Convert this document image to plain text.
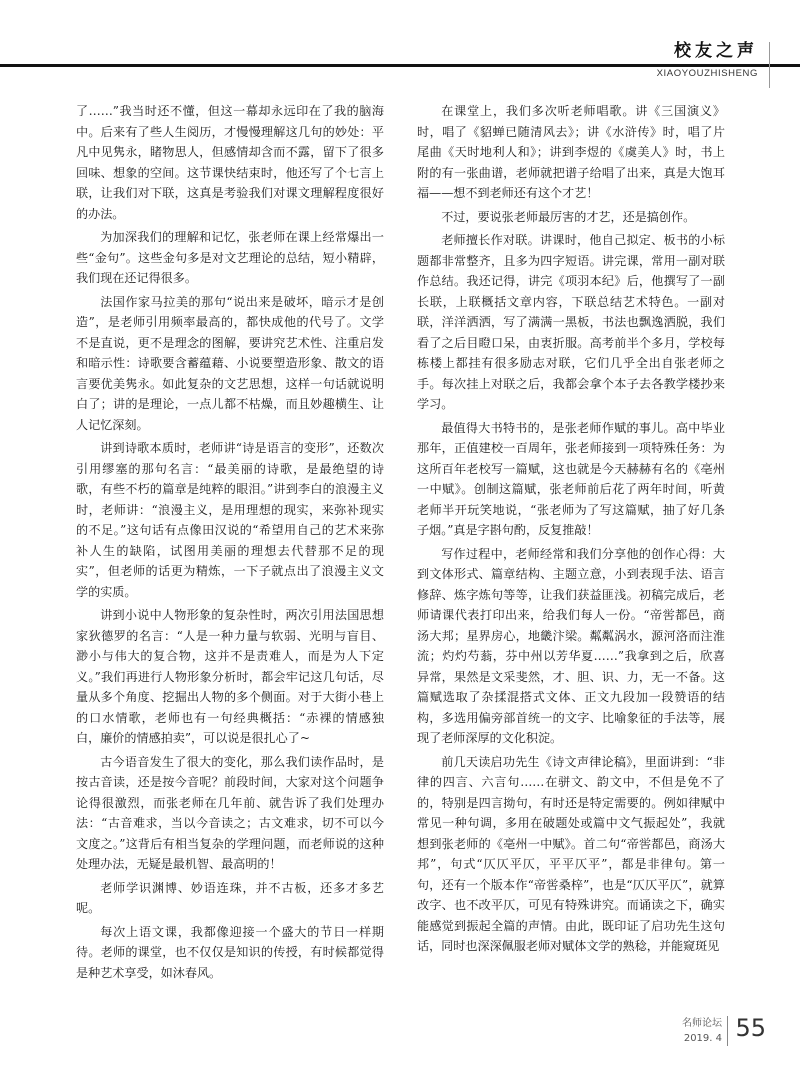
校友之声
XIAOYOUZHISHENG

了……”我当时还不懂，但这一幕却永远印在了我的脑海中。后来有了些人生阅历，才慢慢理解这几句的妙处：平凡中见隽永，睹物思人，但感情却含而不露，留下了很多回味、想象的空间。这节课快结束时，他还写了个七言上联，让我们对下联，这真是考验我们对课文理解程度很好的办法。

为加深我们的理解和记忆，张老师在课上经常爆出一些“金句”。这些金句多是对文艺理论的总结，短小精辟，我们现在还记得很多。

法国作家马拉美的那句“说出来是破坏，暗示才是创造”，是老师引用频率最高的，都快成他的代号了。文学不是直说，更不是理念的图解，要讲究艺术性、注重启发和暗示性：诗歌要含蓄蕴藉、小说要塑造形象、散文的语言要优美隽永。如此复杂的文艺思想，这样一句话就说明白了；讲的是理论，一点儿都不枯燥，而且妙趣横生、让人记忆深刻。

讲到诗歌本质时，老师讲“诗是语言的变形”，还数次引用缪塞的那句名言：“最美丽的诗歌，是最绝望的诗歌，有些不朽的篇章是纯粹的眼泪。”讲到李白的浪漫主义时，老师讲：“浪漫主义，是用理想的现实，来弥补现实的不足。”这句话有点像田汉说的“希望用自己的艺术来弥补人生的缺陷，试图用美丽的理想去代替那不足的现实”，但老师的话更为精炼，一下子就点出了浪漫主义文学的实质。

讲到小说中人物形象的复杂性时，两次引用法国思想家狄德罗的名言：“人是一种力量与软弱、光明与盲目、渺小与伟大的复合物，这并不是责难人，而是为人下定义。”我们再进行人物形象分析时，都会牢记这几句话，尽量从多个角度、挖掘出人物的多个侧面。对于大街小巷上的口水情歌，老师也有一句经典概括：“赤裸的情感独白，廉价的情感拍卖”，可以说是很扎心了~

古今语音发生了很大的变化，那么我们读作品时，是按古音读，还是按今音呢？前段时间，大家对这个问题争论得很激烈，而张老师在几年前、就告诉了我们处理办法：“古音难求，当以今音读之；古文难求，切不可以今文度之。”这背后有相当复杂的学理问题，而老师说的这种处理办法，无疑是最机智、最高明的！

老师学识渊博、妙语连珠，并不古板，还多才多艺呢。

每次上语文课，我都像迎接一个盛大的节日一样期待。老师的课堂，也不仅仅是知识的传授，有时候都觉得是种艺术享受，如沐春风。

在课堂上，我们多次听老师唱歌。讲《三国演义》时，唱了《貂蝉已随清风去》；讲《水浒传》时，唱了片尾曲《天时地利人和》；讲到李煜的《虞美人》时，书上附的有一张曲谱，老师就把谱子给唱了出来，真是大饱耳福——想不到老师还有这个才艺！

不过，要说张老师最厉害的才艺，还是搞创作。

老师擅长作对联。讲课时，他自己拟定、板书的小标题都非常整齐，且多为四字短语。讲完课，常用一副对联作总结。我还记得，讲完《项羽本纪》后，他撰写了一副长联，上联概括文章内容，下联总结艺术特色。一副对联，洋洋洒洒，写了满满一黑板，书法也飘逸洒脱，我们看了之后目瞪口呆，由衷折服。高考前半个多月，学校每栋楼上都挂有很多励志对联，它们几乎全出自张老师之手。每次挂上对联之后，我都会拿个本子去各教学楼抄来学习。

最值得大书特书的，是张老师作赋的事儿。高中毕业那年，正值建校一百周年，张老师接到一项特殊任务：为这所百年老校写一篇赋，这也就是今天赫赫有名的《亳州一中赋》。创制这篇赋，张老师前后花了两年时间，听黄老师半开玩笑地说，“张老师为了写这篇赋，抽了好几条子烟。”真是字斟句酌，反复推敲！

写作过程中，老师经常和我们分享他的创作心得：大到文体形式、篇章结构、主题立意，小到表现手法、语言修辞、炼字炼句等等，让我们获益匪浅。初稿完成后，老师请课代表打印出来，给我们每人一份。“帝喾都邑，商汤大邦；星界房心，地畿汴梁。粼粼涡水，源河洛而注淮流；灼灼芍蓊，芬中州以芳华夏……”我拿到之后，欣喜异常，果然是文采斐然，才、胆、识、力，无一不备。这篇赋选取了杂揉混搭式文体、正文九段加一段赞语的结构，多选用偏旁部首统一的文字、比喻象征的手法等，展现了老师深厚的文化积淀。

前几天读启功先生《诗文声律论稿》，里面讲到：“非律的四言、六言句……在骈文、韵文中，不但是免不了的，特别是四言拗句，有时还是特定需要的。例如律赋中常见一种句调，多用在破题处或篇中文气振起处”，我就想到张老师的《亳州一中赋》。首二句“帝喾都邑，商汤大邦”，句式“仄仄平仄，平平仄平”，都是非律句。第一句，还有一个版本作“帝喾桑梓”，也是“仄仄平仄”，就算改字、也不改平仄，可见有特殊讲究。而诵读之下，确实能感觉到振起全篇的声情。由此，既印证了启功先生这句话，同时也深深佩服老师对赋体文学的熟稔，并能窥斑见

名师论坛
2019. 4 55
